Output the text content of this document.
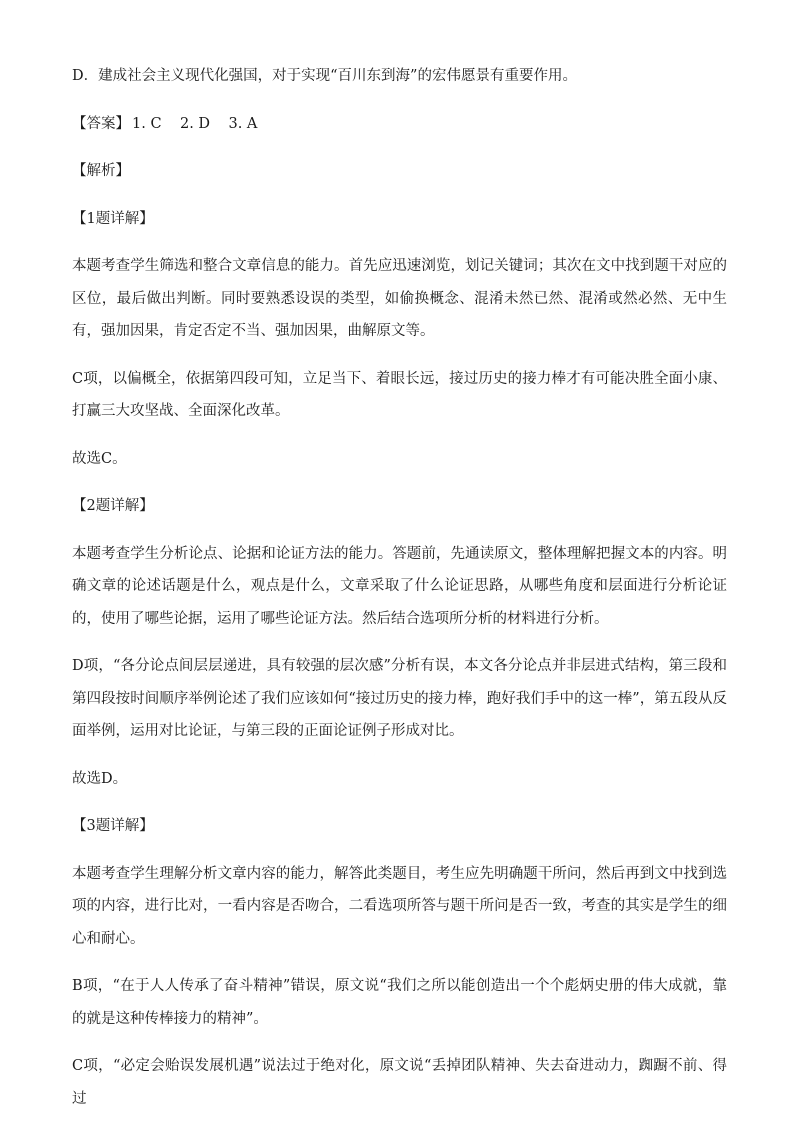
D．建成社会主义现代化强国，对于实现“百川东到海”的宏伟愿景有重要作用。

【答案】 1. C    2. D    3. A

【解析】

【1题详解】

本题考查学生筛选和整合文章信息的能力。首先应迅速浏览，划记关键词；其次在文中找到题干对应的区位，最后做出判断。同时要熟悉设误的类型，如偷换概念、混淆未然已然、混淆或然必然、无中生有，强加因果，肯定否定不当、强加因果，曲解原文等。

C项，以偏概全，依据第四段可知，立足当下、着眼长远，接过历史的接力棒才有可能决胜全面小康、打赢三大攻坚战、全面深化改革。

故选C。

【2题详解】

本题考查学生分析论点、论据和论证方法的能力。答题前，先通读原文，整体理解把握文本的内容。明确文章的论述话题是什么，观点是什么，文章采取了什么论证思路，从哪些角度和层面进行分析论证的，使用了哪些论据，运用了哪些论证方法。然后结合选项所分析的材料进行分析。

D项，“各分论点间层层递进，具有较强的层次感”分析有误，本文各分论点并非层进式结构，第三段和第四段按时间顺序举例论述了我们应该如何“接过历史的接力棒，跑好我们手中的这一棒”，第五段从反面举例，运用对比论证，与第三段的正面论证例子形成对比。

故选D。

【3题详解】

本题考查学生理解分析文章内容的能力，解答此类题目，考生应先明确题干所问，然后再到文中找到选项的内容，进行比对，一看内容是否吻合，二看选项所答与题干所问是否一致，考查的其实是学生的细心和耐心。

B项，“在于人人传承了奋斗精神”错误，原文说“我们之所以能创造出一个个彪炳史册的伟大成就，靠的就是这种传棒接力的精神”。

C项，“必定会贻误发展机遇”说法过于绝对化，原文说“丢掉团队精神、失去奋进动力，踟蹰不前、得过
